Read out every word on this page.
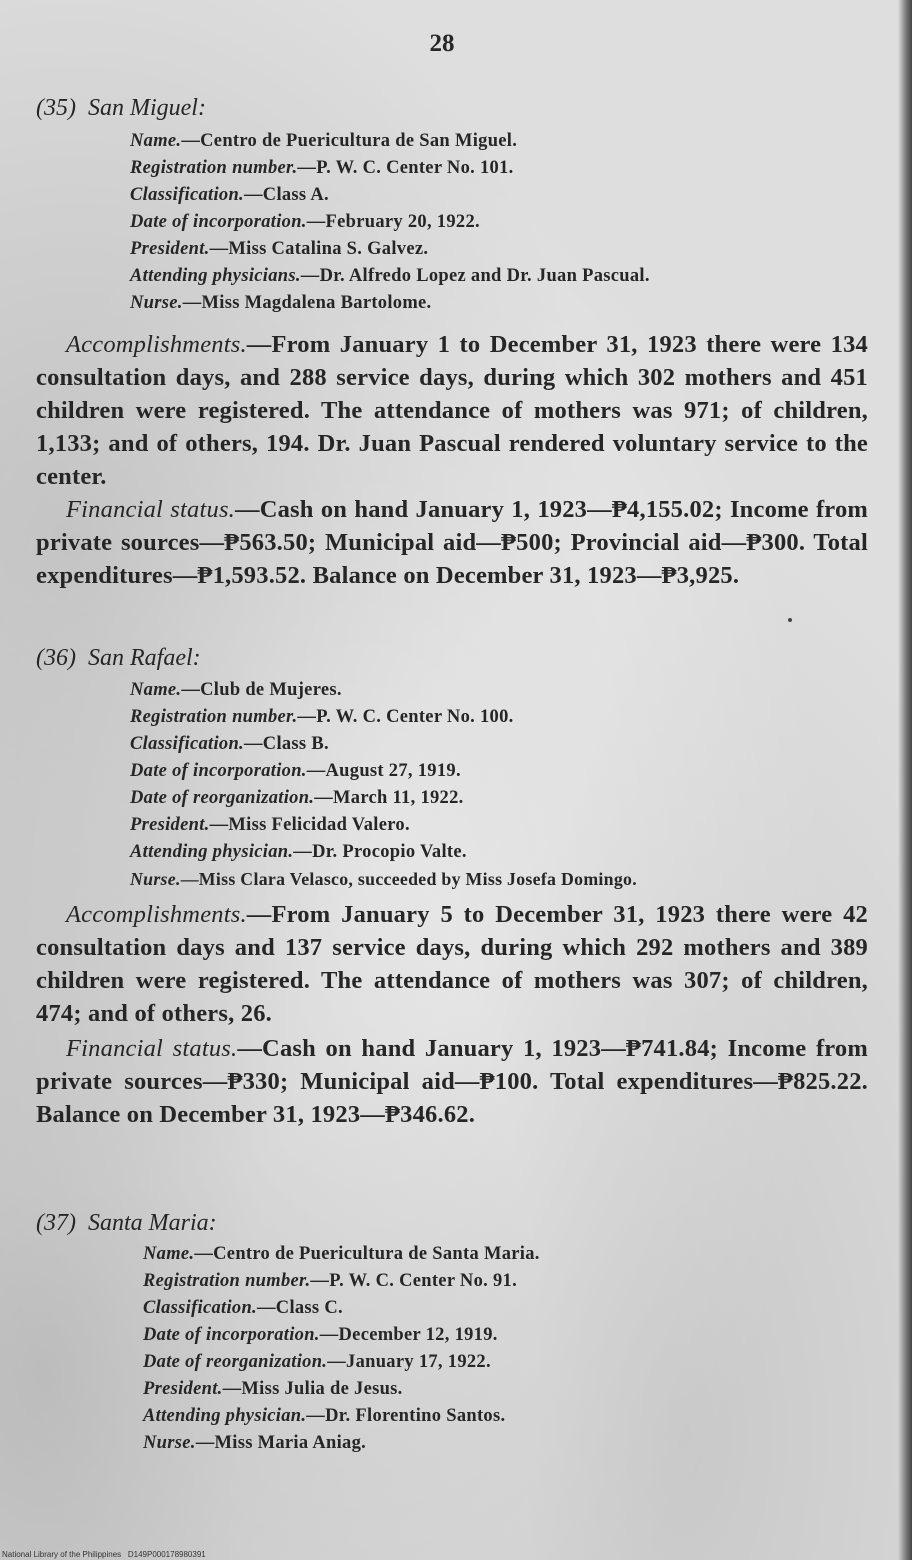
28
(35) San Miguel:
Name.—Centro de Puericultura de San Miguel.
Registration number.—P. W. C. Center No. 101.
Classification.—Class A.
Date of incorporation.—February 20, 1922.
President.—Miss Catalina S. Galvez.
Attending physicians.—Dr. Alfredo Lopez and Dr. Juan Pascual.
Nurse.—Miss Magdalena Bartolome.

Accomplishments.—From January 1 to December 31, 1923 there were 134 consultation days, and 288 service days, during which 302 mothers and 451 children were registered. The attendance of mothers was 971; of children, 1,133; and of others, 194. Dr. Juan Pascual rendered voluntary service to the center.

Financial status.—Cash on hand January 1, 1923—₱4,155.02; Income from private sources—₱563.50; Municipal aid—₱500; Provincial aid—₱300. Total expenditures—₱1,593.52. Balance on December 31, 1923—₱3,925.

(36) San Rafael:
Name.—Club de Mujeres.
Registration number.—P. W. C. Center No. 100.
Classification.—Class B.
Date of incorporation.—August 27, 1919.
Date of reorganization.—March 11, 1922.
President.—Miss Felicidad Valero.
Attending physician.—Dr. Procopio Valte.
Nurse.—Miss Clara Velasco, succeeded by Miss Josefa Domingo.

Accomplishments.—From January 5 to December 31, 1923 there were 42 consultation days and 137 service days, during which 292 mothers and 389 children were registered. The attendance of mothers was 307; of children, 474; and of others, 26.

Financial status.—Cash on hand January 1, 1923—₱741.84; Income from private sources—₱330; Municipal aid—₱100. Total expenditures—₱825.22. Balance on December 31, 1923—₱346.62.

(37) Santa Maria:
Name.—Centro de Puericultura de Santa Maria.
Registration number.—P. W. C. Center No. 91.
Classification.—Class C.
Date of incorporation.—December 12, 1919.
Date of reorganization.—January 17, 1922.
President.—Miss Julia de Jesus.
Attending physician.—Dr. Florentino Santos.
Nurse.—Miss Maria Aniag.
National Library of the Philippines D149P000178980391
